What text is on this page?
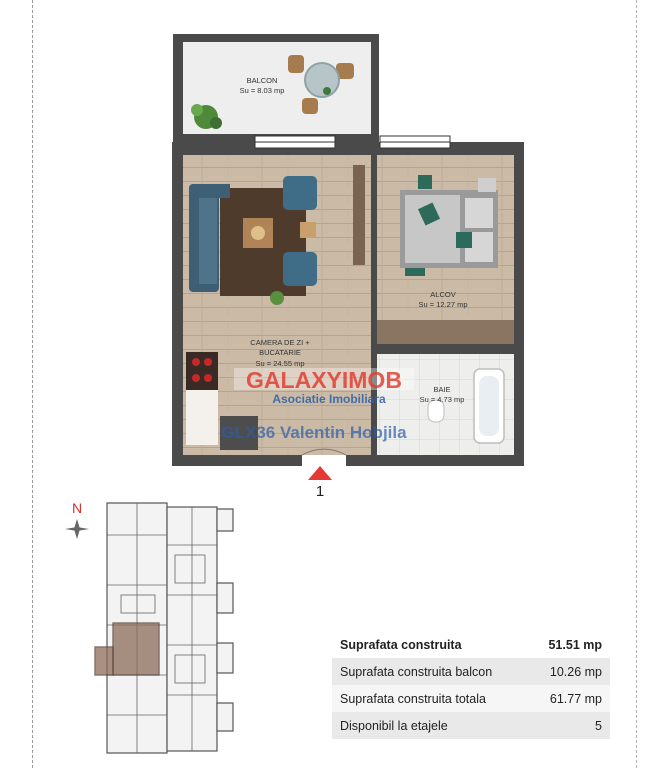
BALCON
Su = 8.03 mp
ALCOV
Su = 12.27 mp
CAMERA DE ZI +
BUCATARIE
Su = 24.55 mp
BAIE
Su = 4.73 mp
GALAXYIMOB
Asociatie Imobiliara
GLX36 Valentin Hobjila
1
N
Suprafata construita	51.51 mp
Suprafata construita balcon	10.26 mp
Suprafata construita totala	61.77 mp
Disponibil la etajele	5
